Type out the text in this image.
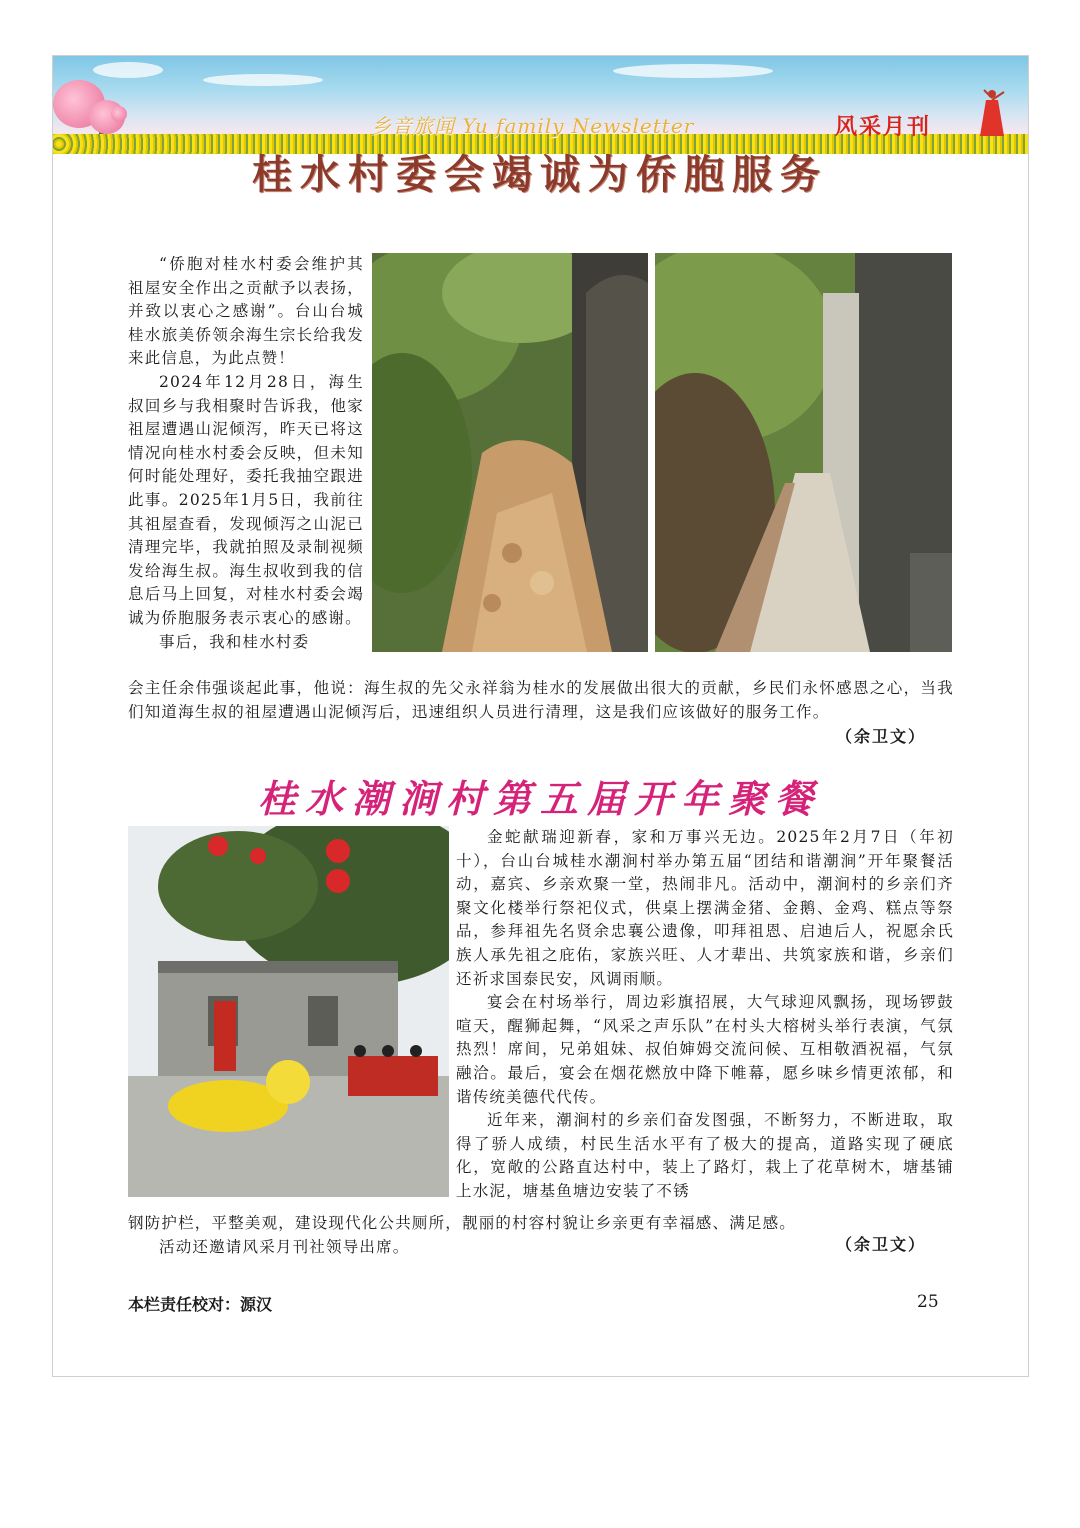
乡音旅闻 Yu family Newsletter	风采月刊
桂水村委会竭诚为侨胞服务

“侨胞对桂水村委会维护其祖屋安全作出之贡献予以表扬，并致以衷心之感谢”。台山台城桂水旅美侨领余海生宗长给我发来此信息，为此点赞！

2024年12月28日，海生叔回乡与我相聚时告诉我，他家祖屋遭遇山泥倾泻，昨天已将这情况向桂水村委会反映，但未知何时能处理好，委托我抽空跟进此事。2025年1月5日，我前往其祖屋查看，发现倾泻之山泥已清理完毕，我就拍照及录制视频发给海生叔。海生叔收到我的信息后马上回复，对桂水村委会竭诚为侨胞服务表示衷心的感谢。

事后，我和桂水村委

会主任余伟强谈起此事，他说：海生叔的先父永祥翁为桂水的发展做出很大的贡献，乡民们永怀感恩之心，当我们知道海生叔的祖屋遭遇山泥倾泻后，迅速组织人员进行清理，这是我们应该做好的服务工作。
（余卫文）
桂水潮涧村第五届开年聚餐

金蛇献瑞迎新春，家和万事兴无边。2025年2月7日（年初十），台山台城桂水潮涧村举办第五届“团结和谐潮涧”开年聚餐活动，嘉宾、乡亲欢聚一堂，热闹非凡。活动中，潮涧村的乡亲们齐聚文化楼举行祭祀仪式，供桌上摆满金猪、金鹅、金鸡、糕点等祭品，参拜祖先名贤余忠襄公遗像，叩拜祖恩、启迪后人，祝愿余氏族人承先祖之庇佑，家族兴旺、人才辈出、共筑家族和谐，乡亲们还祈求国泰民安，风调雨顺。

宴会在村场举行，周边彩旗招展，大气球迎风飘扬，现场锣鼓喧天，醒狮起舞，“风采之声乐队”在村头大榕树头举行表演，气氛热烈！席间，兄弟姐妹、叔伯婶姆交流问候、互相敬酒祝福，气氛融洽。最后，宴会在烟花燃放中降下帷幕，愿乡味乡情更浓郁，和谐传统美德代代传。

近年来，潮涧村的乡亲们奋发图强，不断努力，不断进取，取得了骄人成绩，村民生活水平有了极大的提高，道路实现了硬底化，宽敞的公路直达村中，装上了路灯，栽上了花草树木，塘基铺上水泥，塘基鱼塘边安装了不锈

钢防护栏，平整美观，建设现代化公共厕所，靓丽的村容村貌让乡亲更有幸福感、满足感。
活动还邀请风采月刊社领导出席。	（余卫文）
本栏责任校对：源汉	25
